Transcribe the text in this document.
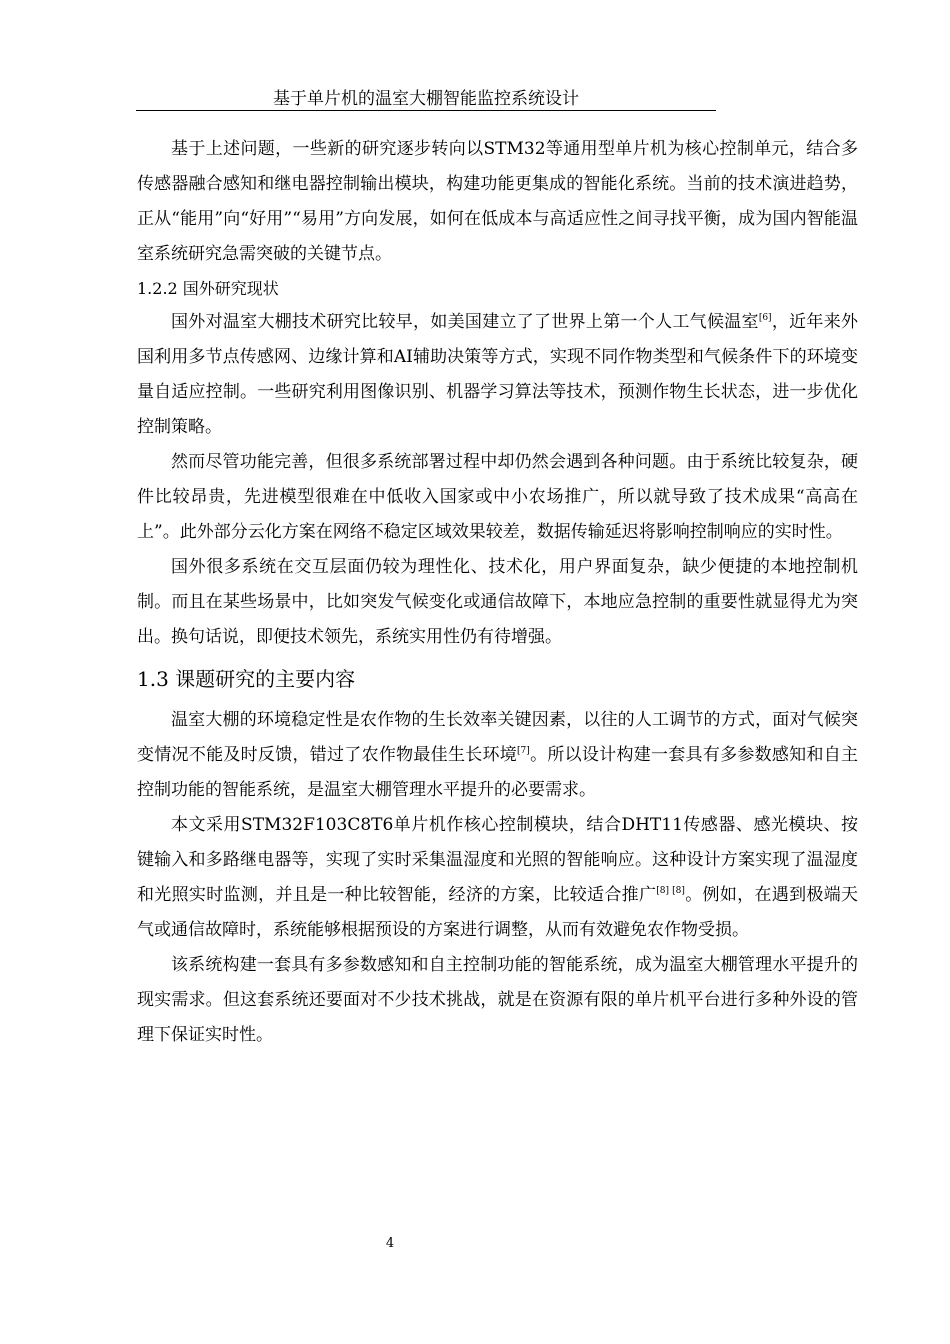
基于单片机的温室大棚智能监控系统设计

基于上述问题，一些新的研究逐步转向以STM32等通用型单片机为核心控制单元，结合多传感器融合感知和继电器控制输出模块，构建功能更集成的智能化系统。当前的技术演进趋势，正从“能用”向“好用”“易用”方向发展，如何在低成本与高适应性之间寻找平衡，成为国内智能温室系统研究急需突破的关键节点。

1.2.2 国外研究现状

国外对温室大棚技术研究比较早，如美国建立了了世界上第一个人工气候温室[6]，近年来外国利用多节点传感网、边缘计算和AI辅助决策等方式，实现不同作物类型和气候条件下的环境变量自适应控制。一些研究利用图像识别、机器学习算法等技术，预测作物生长状态，进一步优化控制策略。

然而尽管功能完善，但很多系统部署过程中却仍然会遇到各种问题。由于系统比较复杂，硬件比较昂贵，先进模型很难在中低收入国家或中小农场推广，所以就导致了技术成果“高高在上”。此外部分云化方案在网络不稳定区域效果较差，数据传输延迟将影响控制响应的实时性。

国外很多系统在交互层面仍较为理性化、技术化，用户界面复杂，缺少便捷的本地控制机制。而且在某些场景中，比如突发气候变化或通信故障下，本地应急控制的重要性就显得尤为突出。换句话说，即便技术领先，系统实用性仍有待增强。

1.3 课题研究的主要内容

温室大棚的环境稳定性是农作物的生长效率关键因素，以往的人工调节的方式，面对气候突变情况不能及时反馈，错过了农作物最佳生长环境[7]。所以设计构建一套具有多参数感知和自主控制功能的智能系统，是温室大棚管理水平提升的必要需求。

本文采用STM32F103C8T6单片机作核心控制模块，结合DHT11传感器、感光模块、按键输入和多路继电器等，实现了实时采集温湿度和光照的智能响应。这种设计方案实现了温湿度和光照实时监测，并且是一种比较智能，经济的方案，比较适合推广[8] [8]。例如，在遇到极端天气或通信故障时，系统能够根据预设的方案进行调整，从而有效避免农作物受损。

该系统构建一套具有多参数感知和自主控制功能的智能系统，成为温室大棚管理水平提升的现实需求。但这套系统还要面对不少技术挑战，就是在资源有限的单片机平台进行多种外设的管理下保证实时性。

4
